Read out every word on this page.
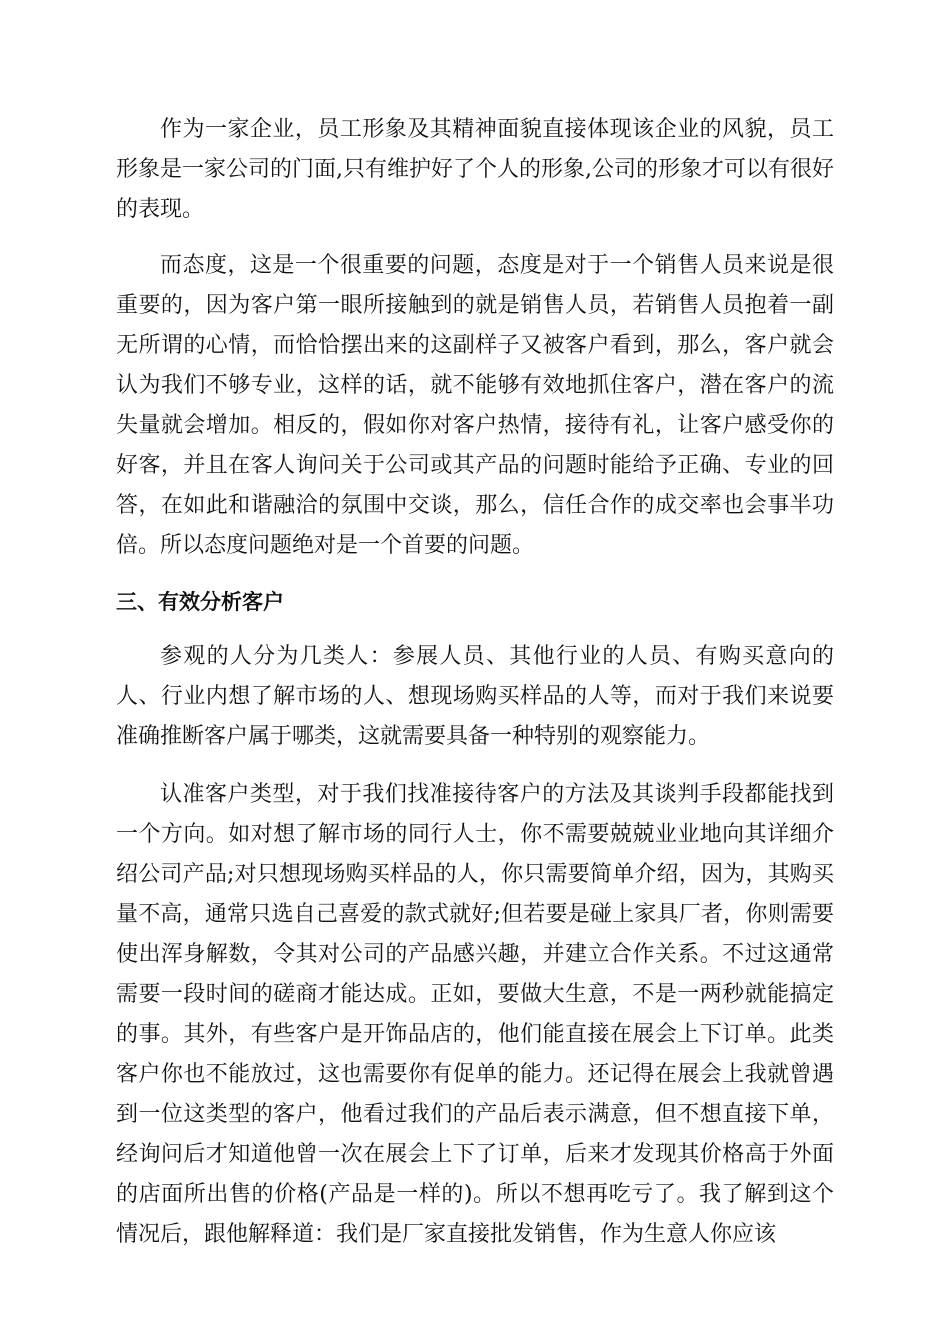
作为一家企业，员工形象及其精神面貌直接体现该企业的风貌，员工形象是一家公司的门面,只有维护好了个人的形象,公司的形象才可以有很好的表现。

而态度，这是一个很重要的问题，态度是对于一个销售人员来说是很重要的，因为客户第一眼所接触到的就是销售人员，若销售人员抱着一副无所谓的心情，而恰恰摆出来的这副样子又被客户看到，那么，客户就会认为我们不够专业，这样的话，就不能够有效地抓住客户，潜在客户的流失量就会增加。相反的，假如你对客户热情，接待有礼，让客户感受你的好客，并且在客人询问关于公司或其产品的问题时能给予正确、专业的回答，在如此和谐融洽的氛围中交谈，那么，信任合作的成交率也会事半功倍。所以态度问题绝对是一个首要的问题。

三、有效分析客户

参观的人分为几类人：参展人员、其他行业的人员、有购买意向的人、行业内想了解市场的人、想现场购买样品的人等，而对于我们来说要准确推断客户属于哪类，这就需要具备一种特别的观察能力。

认准客户类型，对于我们找准接待客户的方法及其谈判手段都能找到一个方向。如对想了解市场的同行人士，你不需要兢兢业业地向其详细介绍公司产品;对只想现场购买样品的人，你只需要简单介绍，因为，其购买量不高，通常只选自己喜爱的款式就好;但若要是碰上家具厂者，你则需要使出浑身解数，令其对公司的产品感兴趣，并建立合作关系。不过这通常需要一段时间的磋商才能达成。正如，要做大生意，不是一两秒就能搞定的事。其外，有些客户是开饰品店的，他们能直接在展会上下订单。此类客户你也不能放过，这也需要你有促单的能力。还记得在展会上我就曾遇到一位这类型的客户，他看过我们的产品后表示满意，但不想直接下单，经询问后才知道他曾一次在展会上下了订单，后来才发现其价格高于外面的店面所出售的价格(产品是一样的)。所以不想再吃亏了。我了解到这个情况后，跟他解释道：我们是厂家直接批发销售，作为生意人你应该
